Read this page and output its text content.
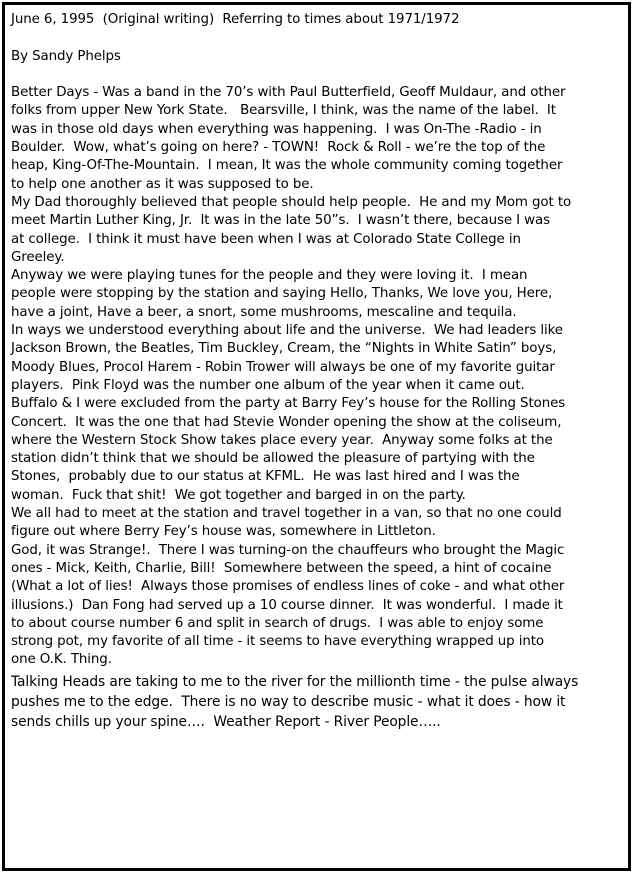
June 6, 1995  (Original writing)  Referring to times about 1971/1972
By Sandy Phelps
Better Days - Was a band in the 70’s with Paul Butterfield, Geoff Muldaur, and other
folks from upper New York State.   Bearsville, I think, was the name of the label.  It
was in those old days when everything was happening.  I was On-The -Radio - in
Boulder.  Wow, what’s going on here? - TOWN!  Rock & Roll - we’re the top of the
heap, King-Of-The-Mountain.  I mean, It was the whole community coming together
to help one another as it was supposed to be.
My Dad thoroughly believed that people should help people.  He and my Mom got to
meet Martin Luther King, Jr.  It was in the late 50”s.  I wasn’t there, because I was
at college.  I think it must have been when I was at Colorado State College in
Greeley.
Anyway we were playing tunes for the people and they were loving it.  I mean
people were stopping by the station and saying Hello, Thanks, We love you, Here,
have a joint, Have a beer, a snort, some mushrooms, mescaline and tequila.
In ways we understood everything about life and the universe.  We had leaders like
Jackson Brown, the Beatles, Tim Buckley, Cream, the “Nights in White Satin” boys,
Moody Blues, Procol Harem - Robin Trower will always be one of my favorite guitar
players.  Pink Floyd was the number one album of the year when it came out.
Buffalo & I were excluded from the party at Barry Fey’s house for the Rolling Stones
Concert.  It was the one that had Stevie Wonder opening the show at the coliseum,
where the Western Stock Show takes place every year.  Anyway some folks at the
station didn’t think that we should be allowed the pleasure of partying with the
Stones,  probably due to our status at KFML.  He was last hired and I was the
woman.  Fuck that shit!  We got together and barged in on the party.
We all had to meet at the station and travel together in a van, so that no one could
figure out where Berry Fey’s house was, somewhere in Littleton.
God, it was Strange!.  There I was turning-on the chauffeurs who brought the Magic
ones - Mick, Keith, Charlie, Bill!  Somewhere between the speed, a hint of cocaine
(What a lot of lies!  Always those promises of endless lines of coke - and what other
illusions.)  Dan Fong had served up a 10 course dinner.  It was wonderful.  I made it
to about course number 6 and split in search of drugs.  I was able to enjoy some
strong pot, my favorite of all time - it seems to have everything wrapped up into
one O.K. Thing.
Talking Heads are taking to me to the river for the millionth time - the pulse always
pushes me to the edge.  There is no way to describe music - what it does - how it
sends chills up your spine….  Weather Report - River People…..
